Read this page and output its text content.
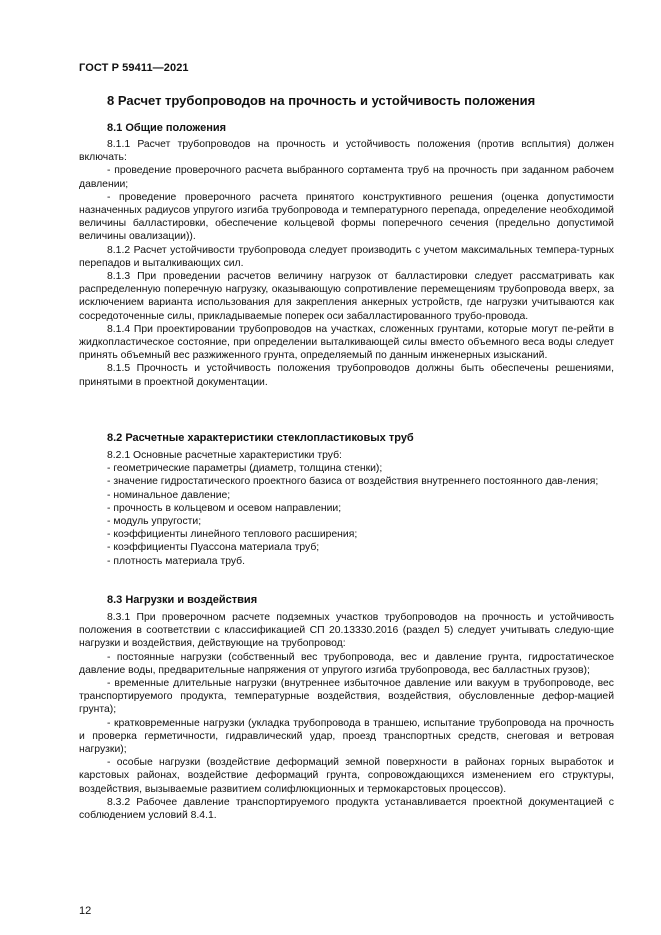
ГОСТ Р 59411—2021
8 Расчет трубопроводов на прочность и устойчивость положения
8.1 Общие положения

8.1.1 Расчет трубопроводов на прочность и устойчивость положения (против всплытия) должен включать:

- проведение проверочного расчета выбранного сортамента труб на прочность при заданном рабочем давлении;

- проведение проверочного расчета принятого конструктивного решения (оценка допустимости назначенных радиусов упругого изгиба трубопровода и температурного перепада, определение необходимой величины балластировки, обеспечение кольцевой формы поперечного сечения (предельно допустимой величины овализации)).

8.1.2 Расчет устойчивости трубопровода следует производить с учетом максимальных темпера-турных перепадов и выталкивающих сил.

8.1.3 При проведении расчетов величину нагрузок от балластировки следует рассматривать как распределенную поперечную нагрузку, оказывающую сопротивление перемещениям трубопровода вверх, за исключением варианта использования для закрепления анкерных устройств, где нагрузки учитываются как сосредоточенные силы, прикладываемые поперек оси забалластированного трубо-провода.

8.1.4 При проектировании трубопроводов на участках, сложенных грунтами, которые могут пе-рейти в жидкопластическое состояние, при определении выталкивающей силы вместо объемного веса воды следует принять объемный вес разжиженного грунта, определяемый по данным инженерных изысканий.

8.1.5 Прочность и устойчивость положения трубопроводов должны быть обеспечены решениями, принятыми в проектной документации.

8.2 Расчетные характеристики стеклопластиковых труб

8.2.1 Основные расчетные характеристики труб:

- геометрические параметры (диаметр, толщина стенки);

- значение гидростатического проектного базиса от воздействия внутреннего постоянного дав-ления;

- номинальное давление;

- прочность в кольцевом и осевом направлении;

- модуль упругости;

- коэффициенты линейного теплового расширения;

- коэффициенты Пуассона материала труб;

- плотность материала труб.

8.3 Нагрузки и воздействия

8.3.1 При проверочном расчете подземных участков трубопроводов на прочность и устойчивость положения в соответствии с классификацией СП 20.13330.2016 (раздел 5) следует учитывать следую-щие нагрузки и воздействия, действующие на трубопровод:

- постоянные нагрузки (собственный вес трубопровода, вес и давление грунта, гидростатическое давление воды, предварительные напряжения от упругого изгиба трубопровода, вес балластных грузов);

- временные длительные нагрузки (внутреннее избыточное давление или вакуум в трубопроводе, вес транспортируемого продукта, температурные воздействия, воздействия, обусловленные дефор-мацией грунта);

- кратковременные нагрузки (укладка трубопровода в траншею, испытание трубопровода на прочность и проверка герметичности, гидравлический удар, проезд транспортных средств, снеговая и ветровая нагрузки);

- особые нагрузки (воздействие деформаций земной поверхности в районах горных выработок и карстовых районах, воздействие деформаций грунта, сопровождающихся изменением его структуры, воздействия, вызываемые развитием солифлюкционных и термокарстовых процессов).

8.3.2 Рабочее давление транспортируемого продукта устанавливается проектной документацией с соблюдением условий 8.4.1.

12
